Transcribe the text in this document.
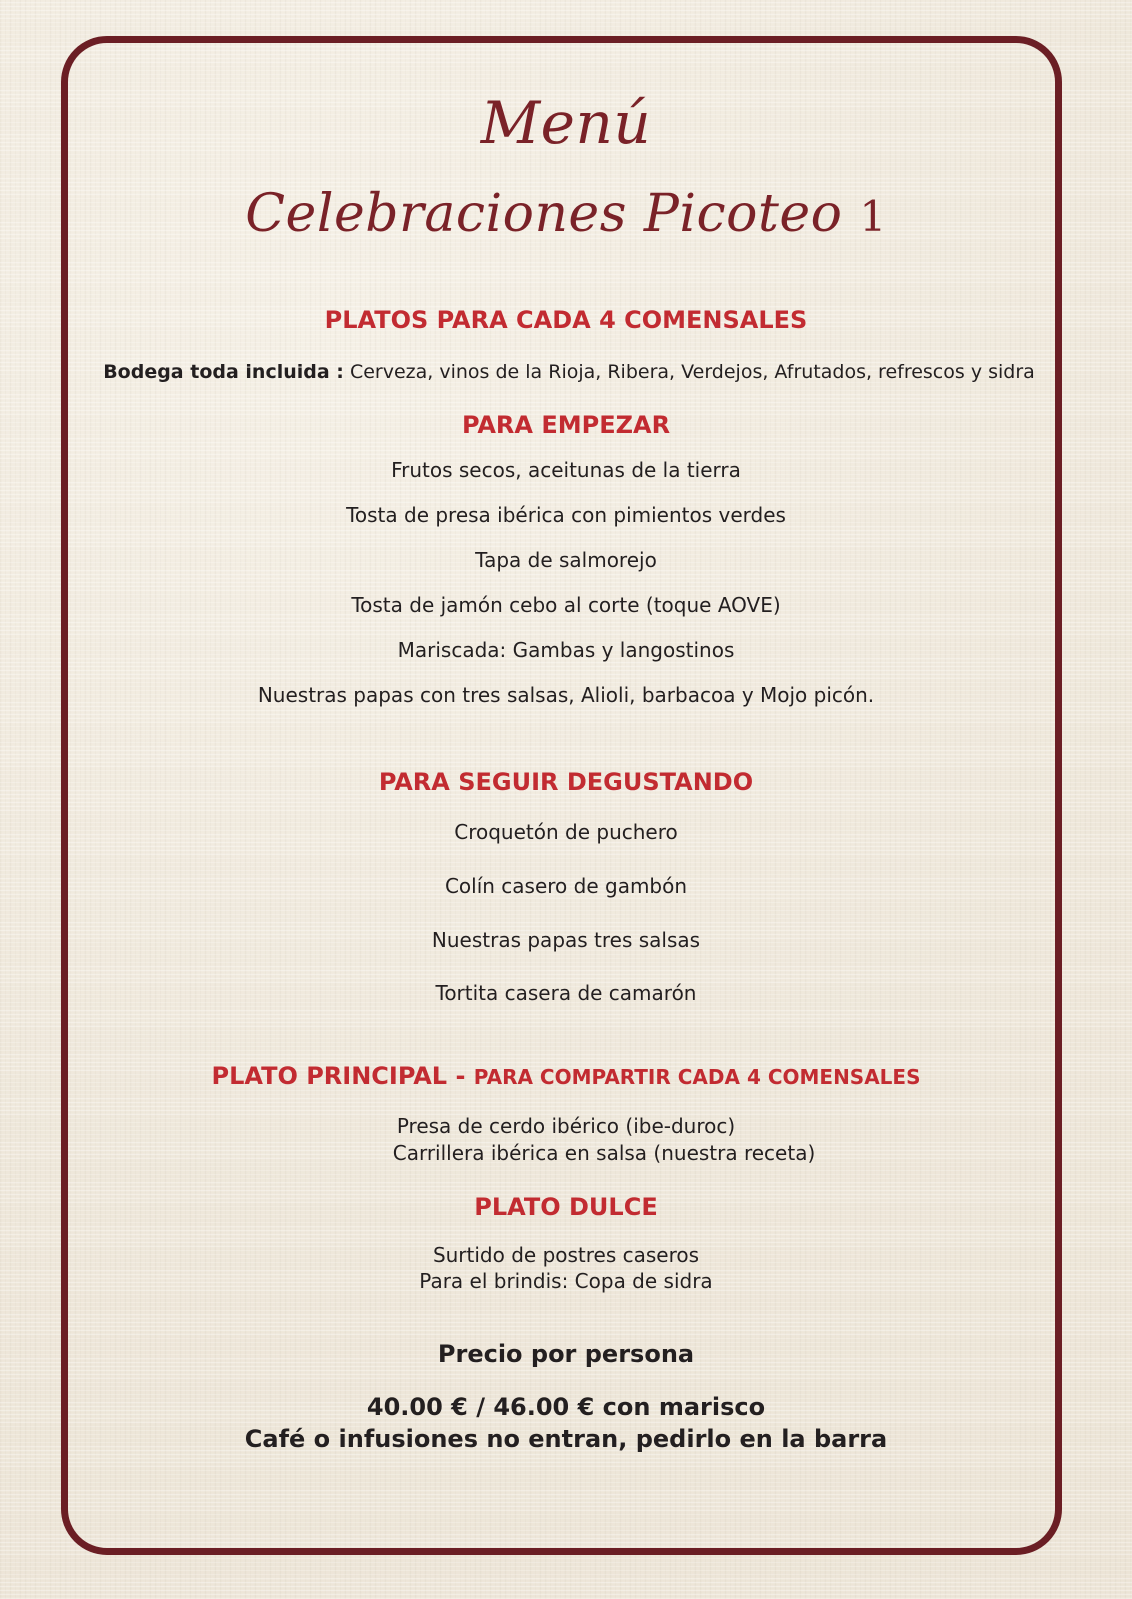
Menú
Celebraciones Picoteo 1
PLATOS PARA CADA 4 COMENSALES
Bodega toda incluida : Cerveza, vinos de la Rioja, Ribera, Verdejos, Afrutados, refrescos y sidra
PARA EMPEZAR
Frutos secos, aceitunas de la tierra
Tosta de presa ibérica con pimientos verdes
Tapa de salmorejo
Tosta de jamón cebo al corte (toque AOVE)
Mariscada: Gambas y langostinos
Nuestras papas con tres salsas, Alioli, barbacoa y Mojo picón.
PARA SEGUIR DEGUSTANDO
Croquetón de puchero
Colín casero de gambón
Nuestras papas tres salsas
Tortita casera de camarón
PLATO PRINCIPAL - PARA COMPARTIR CADA 4 COMENSALES
Presa de cerdo ibérico (ibe-duroc)
Carrillera ibérica en salsa (nuestra receta)
PLATO DULCE
Surtido de postres caseros
Para el brindis: Copa de sidra
Precio por persona
40.00 € / 46.00 € con marisco
Café o infusiones no entran, pedirlo en la barra
